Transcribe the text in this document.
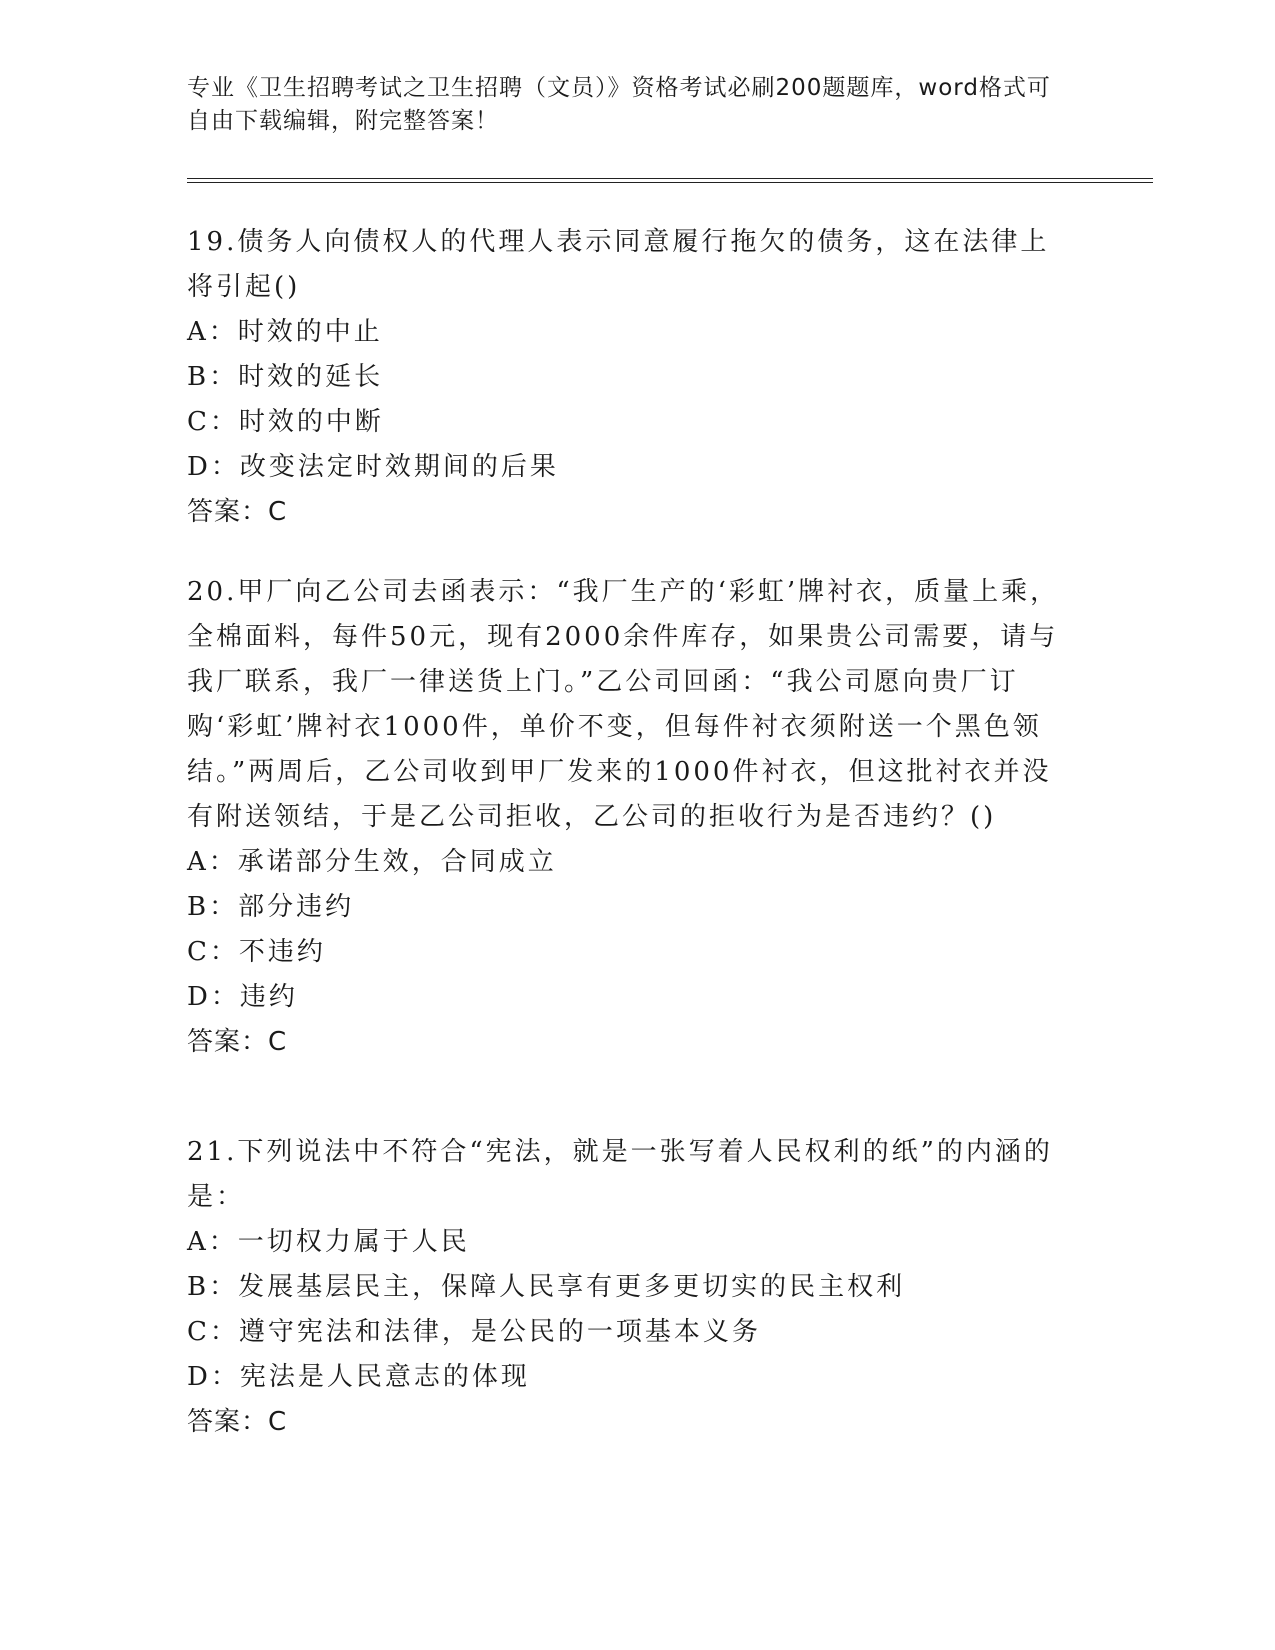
专业《卫生招聘考试之卫生招聘（文员）》资格考试必刷200题题库，word格式可自由下载编辑，附完整答案！

19.债务人向债权人的代理人表示同意履行拖欠的债务，这在法律上将引起()

A：时效的中止

B：时效的延长

C：时效的中断

D：改变法定时效期间的后果

答案：C

20.甲厂向乙公司去函表示：“我厂生产的‘彩虹’牌衬衣，质量上乘，全棉面料，每件50元，现有2000余件库存，如果贵公司需要，请与我厂联系，我厂一律送货上门。”乙公司回函：“我公司愿向贵厂订购‘彩虹’牌衬衣1000件，单价不变，但每件衬衣须附送一个黑色领结。”两周后，乙公司收到甲厂发来的1000件衬衣，但这批衬衣并没有附送领结，于是乙公司拒收，乙公司的拒收行为是否违约？()

A：承诺部分生效，合同成立

B：部分违约

C：不违约

D：违约

答案：C

21.下列说法中不符合“宪法，就是一张写着人民权利的纸”的内涵的是：

A：一切权力属于人民

B：发展基层民主，保障人民享有更多更切实的民主权利

C：遵守宪法和法律，是公民的一项基本义务

D：宪法是人民意志的体现

答案：C
